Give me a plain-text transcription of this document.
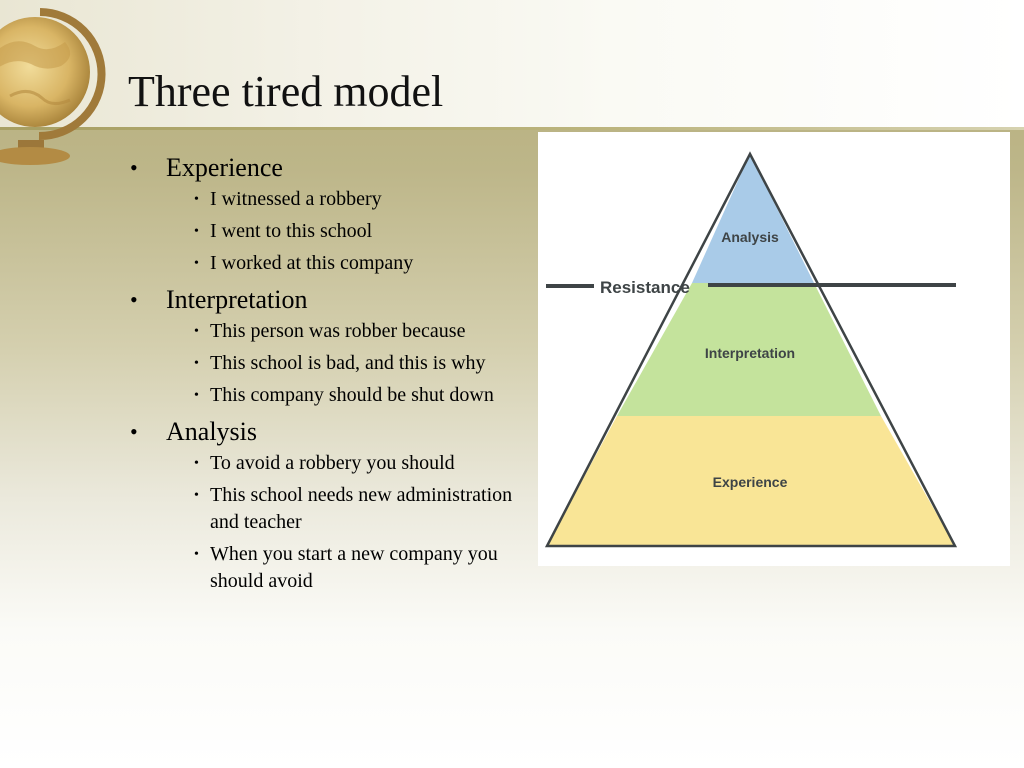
Three tired model
• Experience
• I witnessed a robbery
• I went to this school
• I worked at this company
• Interpretation
• This person was robber because
• This school is bad, and this is why
• This company should be shut down
• Analysis
• To avoid a robbery you should
• This school needs new administration and teacher
• When you start a new company you should avoid
Resistance
Analysis
Interpretation
Experience
